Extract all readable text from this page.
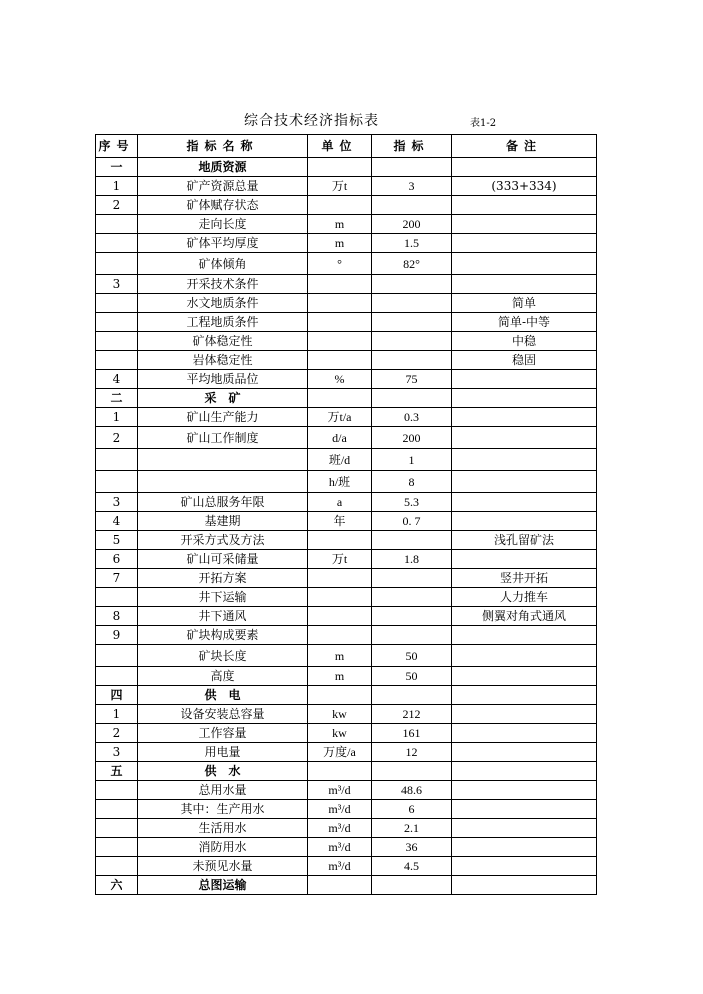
综合技术经济指标表	表1-2
序号	指标名称	单位	指标	备注
一	地质资源			
1	矿产资源总量	万t	3	(333+334)
2	矿体赋存状态			
	走向长度	m	200	
	矿体平均厚度	m	1.5	
	矿体倾角	°	82°	
3	开采技术条件			
	水文地质条件			简单
	工程地质条件			简单-中等
	矿体稳定性			中稳
	岩体稳定性			稳固
4	平均地质品位	%	75	
二	采　矿			
1	矿山生产能力	万t/a	0.3	
2	矿山工作制度	d/a	200	
		班/d	1	
		h/班	8	
3	矿山总服务年限	a	5.3	
4	基建期	年	0. 7	
5	开采方式及方法			浅孔留矿法
6	矿山可采储量	万t	1.8	
7	开拓方案			竖井开拓
	井下运输			人力推车
8	井下通风			侧翼对角式通风
9	矿块构成要素			
	矿块长度	m	50	
	高度	m	50	
四	供　电			
1	设备安装总容量	kw	212	
2	工作容量	kw	161	
3	用电量	万度/a	12	
五	供　水			
	总用水量	m³/d	48.6	
	其中：生产用水	m³/d	6	
	生活用水	m³/d	2.1	
	消防用水	m³/d	36	
	未预见水量	m³/d	4.5	
六	总图运输			
